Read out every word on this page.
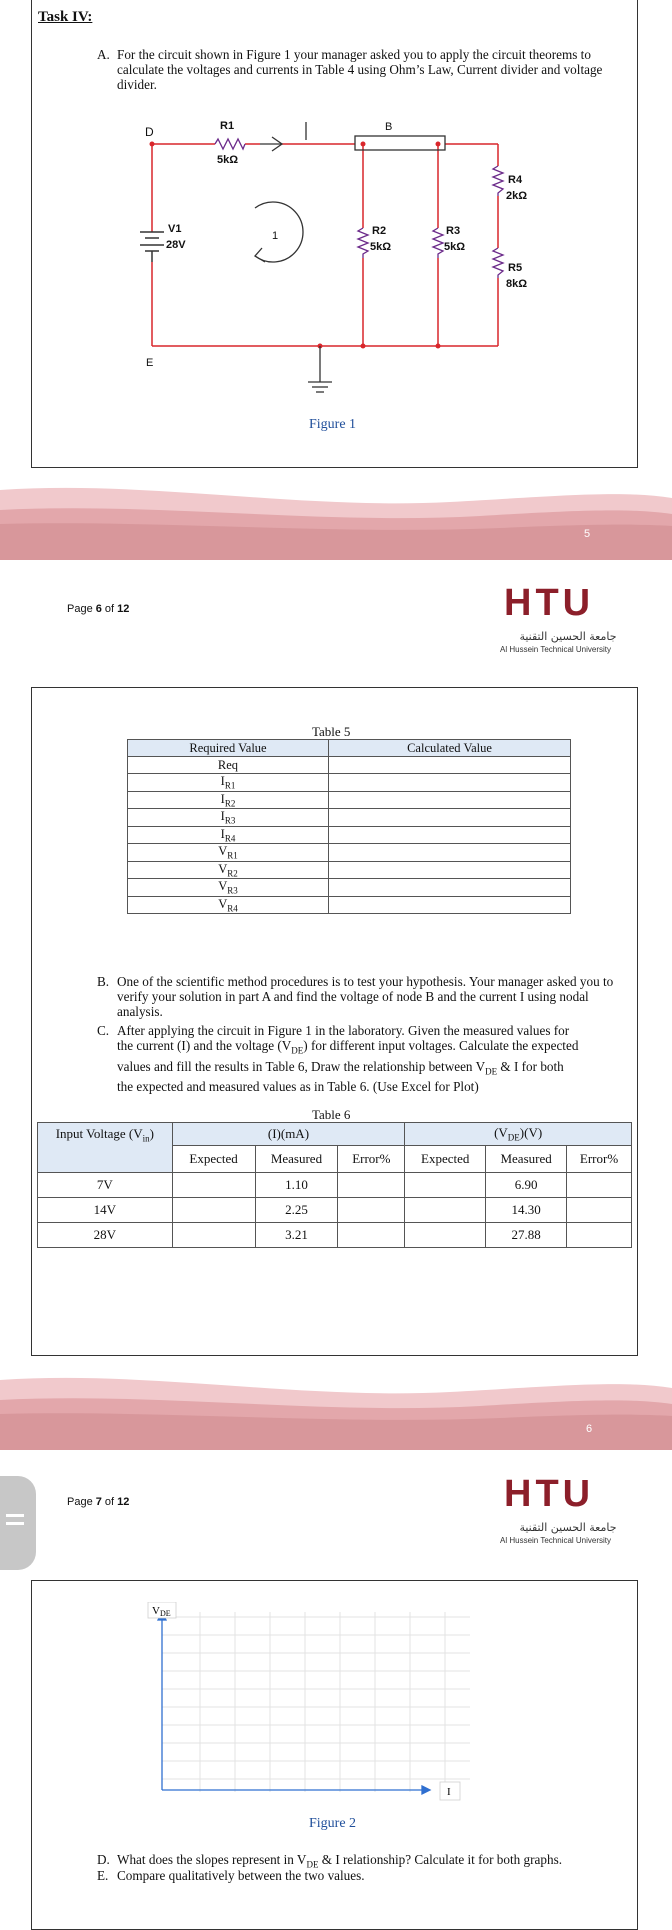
Task IV:
A. For the circuit shown in Figure 1 your manager asked you to apply the circuit theorems to calculate the voltages and currents in Table 4 using Ohm’s Law, Current divider and voltage divider.
D
E
B
R1
5kΩ
R2
5kΩ
R3
5kΩ
R4
2kΩ
R5
8kΩ
V1
28V
1
Figure 1
5
Page 6 of 12	HTU
جامعة الحسين التقنية
Al Hussein Technical University
Table 5
Required Value	Calculated Value
Req	
$I_{R1}$	
$I_{R2}$	
$I_{R3}$	
$I_{R4}$	
$V_{R1}$	
$V_{R2}$	
$V_{R3}$	
$V_{R4}$	
B. One of the scientific method procedures is to test your hypothesis. Your manager asked you to verify your solution in part A and find the voltage of node B and the current I using nodal analysis.
C. After applying the circuit in Figure 1 in the laboratory. Given the measured values for
the current (I) and the voltage $(V_{DE})$ for different input voltages. Calculate the expected
values and fill the results in Table 6, Draw the relationship between $V_{DE}$ & I for both
the expected and measured values as in Table 6. (Use Excel for Plot)
Table 6
Input Voltage $(V_{in})$	(I)(mA)			$(V_{DE})(V)$		
	Expected	Measured	Error%	Expected	Measured	Error%
7V		1.10			6.90	
14V		2.25			14.30	
28V		3.21			27.88	
6
Page 7 of 12	HTU
جامعة الحسين التقنية
Al Hussein Technical University
VDE
I
Figure 2
D. What does the slopes represent in $V_{DE}$ & I relationship? Calculate it for both graphs.
E. Compare qualitatively between the two values.
